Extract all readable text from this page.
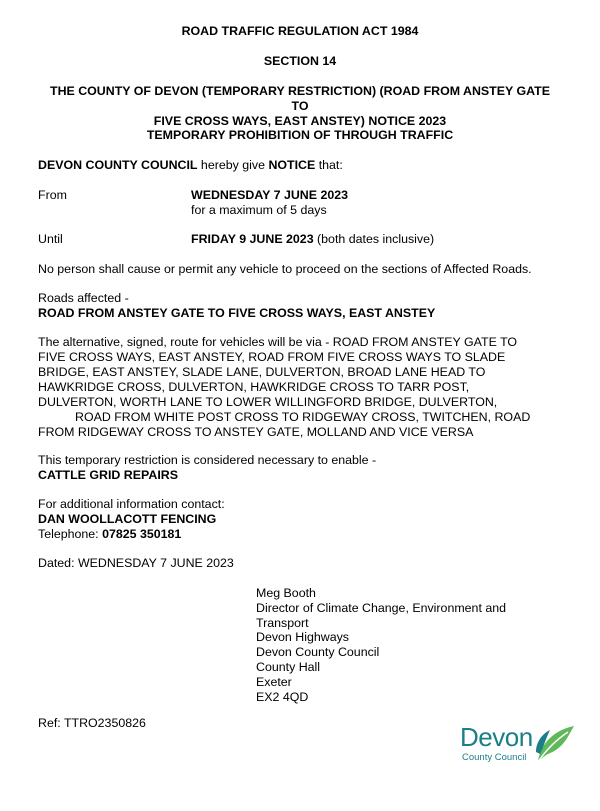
ROAD TRAFFIC REGULATION ACT 1984
SECTION 14
THE COUNTY OF DEVON (TEMPORARY RESTRICTION) (ROAD FROM ANSTEY GATE TO
FIVE CROSS WAYS, EAST ANSTEY) NOTICE 2023
TEMPORARY PROHIBITION OF THROUGH TRAFFIC
DEVON COUNTY COUNCIL hereby give NOTICE that:
From	WEDNESDAY 7 JUNE 2023
for a maximum of 5 days
Until	FRIDAY 9 JUNE 2023 (both dates inclusive)
No person shall cause or permit any vehicle to proceed on the sections of Affected Roads.
Roads affected -
ROAD FROM ANSTEY GATE TO FIVE CROSS WAYS, EAST ANSTEY
The alternative, signed, route for vehicles will be via - ROAD FROM ANSTEY GATE TO
FIVE CROSS WAYS, EAST ANSTEY, ROAD FROM FIVE CROSS WAYS TO SLADE
BRIDGE, EAST ANSTEY, SLADE LANE, DULVERTON, BROAD LANE HEAD TO
HAWKRIDGE CROSS, DULVERTON, HAWKRIDGE CROSS TO TARR POST,
DULVERTON, WORTH LANE TO LOWER WILLINGFORD BRIDGE, DULVERTON,
ROAD FROM WHITE POST CROSS TO RIDGEWAY CROSS, TWITCHEN, ROAD
FROM RIDGEWAY CROSS TO ANSTEY GATE, MOLLAND AND VICE VERSA
This temporary restriction is considered necessary to enable -
CATTLE GRID REPAIRS
For additional information contact:
DAN WOOLLACOTT FENCING
Telephone: 07825 350181
Dated: WEDNESDAY 7 JUNE 2023
Meg Booth
Director of Climate Change, Environment and
Transport
Devon Highways
Devon County Council
County Hall
Exeter
EX2 4QD
Ref: TTRO2350826	Devon
County Council
